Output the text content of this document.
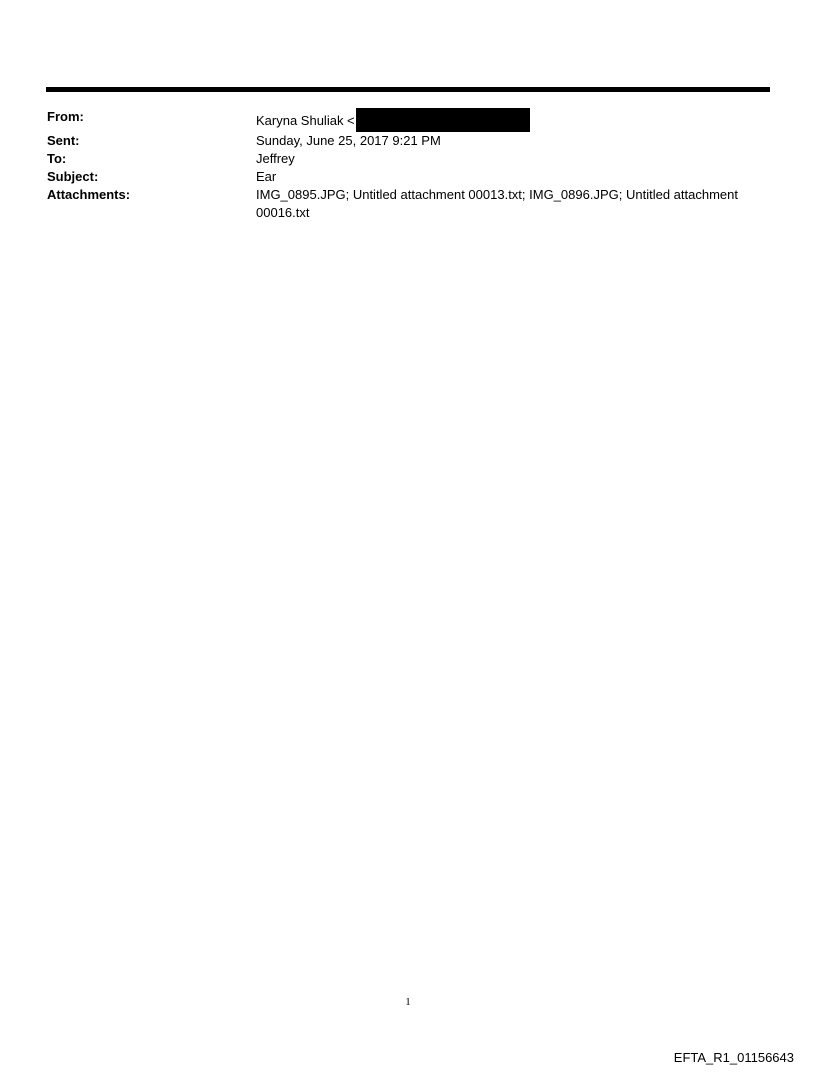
From:	Karyna Shuliak <
Sent:	Sunday, June 25, 2017 9:21 PM
To:	Jeffrey
Subject:	Ear
Attachments:	IMG_0895.JPG; Untitled attachment 00013.txt; IMG_0896.JPG; Untitled attachment 00016.txt
1
EFTA_R1_01156643
